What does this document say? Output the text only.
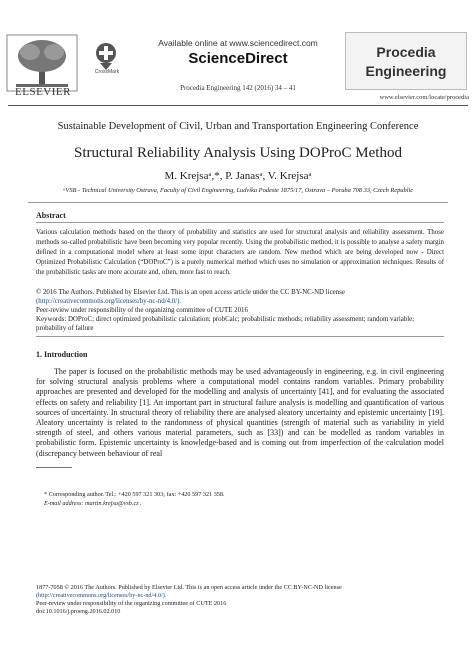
ELSEVIER
CrossMark
Available online at www.sciencedirect.com
ScienceDirect
Procedia Engineering 142 (2016) 34 – 41
Procedia
Engineering
www.elsevier.com/locate/procedia
Sustainable Development of Civil, Urban and Transportation Engineering Conference
Structural Reliability Analysis Using DOProC Method
M. Krejsaᵃ,*, P. Janasᵃ, V. Krejsaᵃ
ᵃVSB - Technical University Ostrava, Faculty of Civil Engineering, Ludvíka Podeste 1875/17, Ostrava – Poruba 708 33, Czech Republic
Abstract
Various calculation methods based on the theory of probability and statistics are used for structural analysis and reliability assessment. Those methods so-called probabilistic have been becoming very popular recently. Using the probabilistic method, it is possible to analyse a safety margin defined in a computational model where at least some input characters are random. New method which are being developed now - Direct Optimized Probabilistic Calculation (“DOProC”) is a purely numerical method which uses no simulation or approximation techniques. Results of the probabilistic tasks are more accurate and, often, more fast to reach.
© 2016 The Authors. Published by Elsevier Ltd. This is an open access article under the CC BY-NC-ND license
(http://creativecommons.org/licenses/by-nc-nd/4.0/).
Peer-review under responsibility of the organizing committee of CUTE 2016
Keywords: DOProC; direct optimized probabilistic calculation; probCalc; probabilistic methods; reliability assessment; random variable; probability of failure
1. Introduction
The paper is focused on the probabilistic methods may be used advantageously in engineering, e.g. in civil engineering for solving structural analysis problems where a computational model contains random variables. Primary probability approaches are presented and developed for the modelling and analysis of uncertainty [41], and for evaluating the associated effects on safety and reliability [1]. An important part in structural failure analysis is modelling and quantification of various sources of uncertainty. In structural theory of reliability there are analysed aleatory uncertainty and epistemic uncertainty [19]. Aleatory uncertainty is related to the randomness of physical quantities (strength of material such as variability in yield strength of steel, and others various material parameters, such as [33]) and can be modelled as random variables in probabilistic form. Epistemic uncertainty is knowledge-based and is coming out from imperfection of the calculation model (discrepancy between behaviour of real
* Corresponding author. Tel.: +420 597 321 303; fax: +420 597 321 358.
E-mail address: martin.krejsa@vsb.cz .
1877-7058 © 2016 The Authors. Published by Elsevier Ltd. This is an open access article under the CC BY-NC-ND license
(http://creativecommons.org/licenses/by-nc-nd/4.0/).
Peer-review under responsibility of the organizing committee of CUTE 2016
doi:10.1016/j.proeng.2016.02.010
